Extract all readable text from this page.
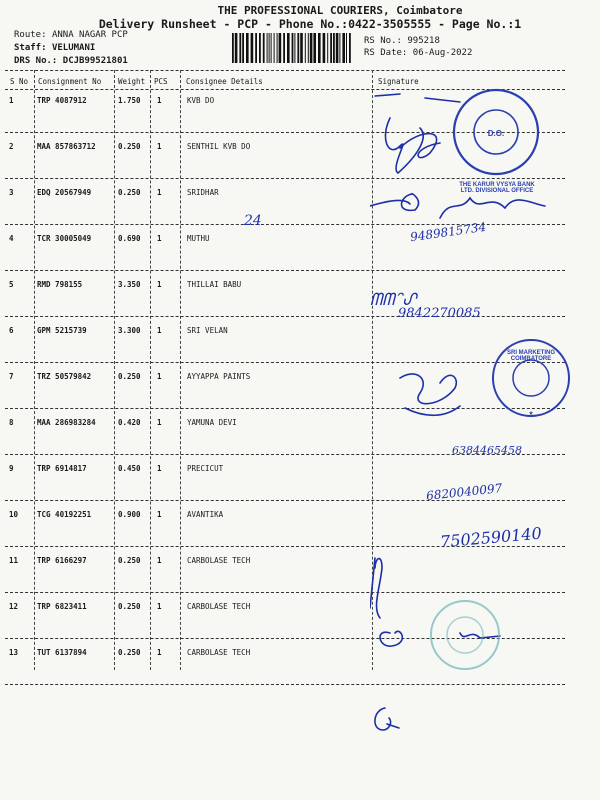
THE PROFESSIONAL COURIERS, Coimbatore
Delivery Runsheet - PCP - Phone No.:0422-3505555 - Page No.:1
Route: ANNA NAGAR PCP
Staff: VELUMANI
DRS No.: DCJB99521801
RS No.: 995218
RS Date: 06-Aug-2022
S No Consignment No Weight PCS Consignee Details	Signature
1	TRP 4087912	1.750 1	KVB DO
2	MAA 857863712	0.250 1	SENTHIL KVB DO
3	EDQ 20567949	0.250 1	SRIDHAR
4	TCR 30005049	0.690 1	MUTHU
5	RMD 798155	3.350 1	THILLAI BABU
6	GPM 5215739	3.300 1	SRI VELAN
7	TRZ 50579842	0.250 1	AYYAPPA PAINTS
8	MAA 286983284	0.420 1	YAMUNA DEVI
9	TRP 6914817	0.450 1	PRECICUT
10	TCG 40192251	0.900 1	AVANTIKA
11	TRP 6166297	0.250 1	CARBOLASE TECH
12	TRP 6823411	0.250 1	CARBOLASE TECH
13	TUT 6137894	0.250 1	CARBOLASE TECH
D.O.
THE KARUR VYSYA BANK LTD. DIVISIONAL OFFICE
★
SRI MARKETING COIMBATORE
24	9489815734
ᗰᗰᐢᔑ
9842270085
6384465458
6820040097
7502590140
